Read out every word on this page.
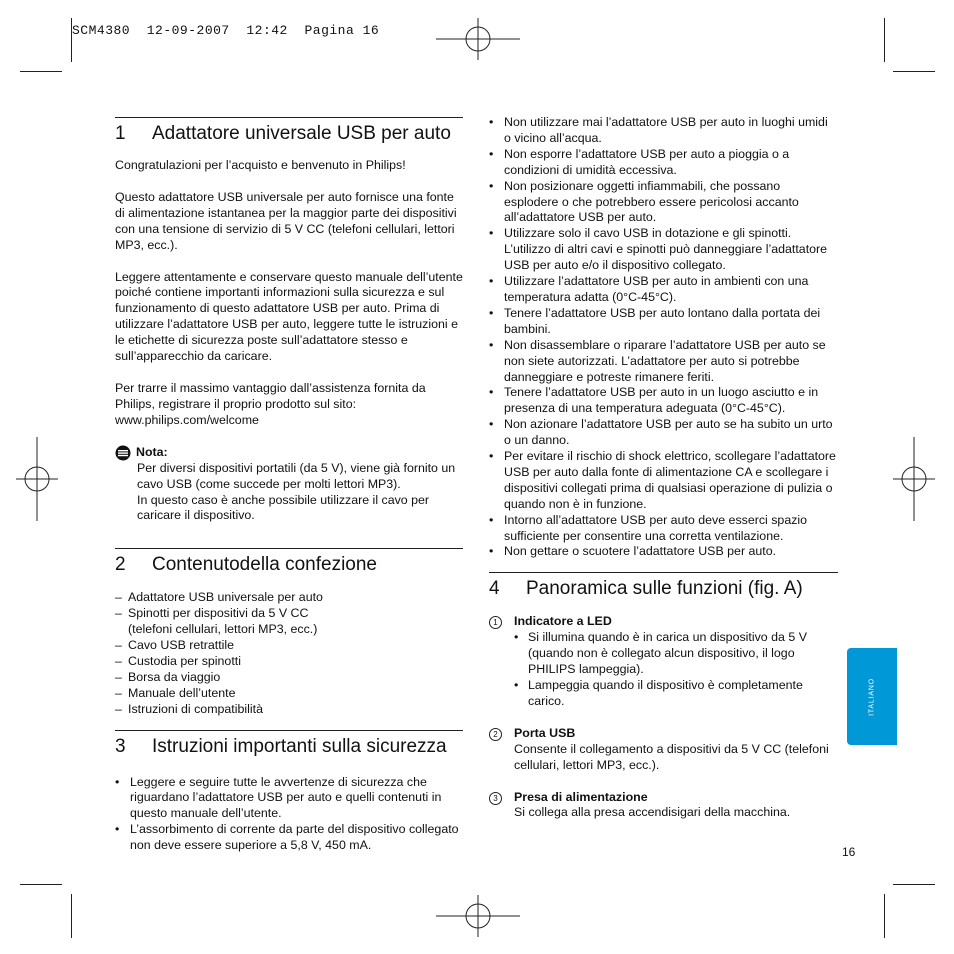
SCM4380 12-09-2007 12:42 Pagina 16
1	Adattatore universale USB per auto

Congratulazioni per l’acquisto e benvenuto in Philips!

Questo adattatore USB universale per auto fornisce una fonte di alimentazione istantanea per la maggior parte dei dispositivi con una tensione di servizio di 5 V CC (telefoni cellulari, lettori MP3, ecc.).

Leggere attentamente e conservare questo manuale dell’utente poiché contiene importanti informazioni sulla sicurezza e sul funzionamento di questo adattatore USB per auto. Prima di utilizzare l’adattatore USB per auto, leggere tutte le istruzioni e le etichette di sicurezza poste sull’adattatore stesso e sull’apparecchio da caricare.

Per trarre il massimo vantaggio dall’assistenza fornita da Philips, registrare il proprio prodotto sul sito: www.philips.com/welcome

Nota:

Per diversi dispositivi portatili (da 5 V), viene già fornito un cavo USB (come succede per molti lettori MP3).

In questo caso è anche possibile utilizzare il cavo per caricare il dispositivo.

2	Contenutodella confezione
– Adattatore USB universale per auto
– Spinotti per dispositivi da 5 V CC (telefoni cellulari, lettori MP3, ecc.)
– Cavo USB retrattile
– Custodia per spinotti
– Borsa da viaggio
– Manuale dell’utente
– Istruzioni di compatibilità
3	Istruzioni importanti sulla sicurezza
• Leggere e seguire tutte le avvertenze di sicurezza che riguardano l’adattatore USB per auto e quelli contenuti in questo manuale dell’utente.
• L’assorbimento di corrente da parte del dispositivo collegato non deve essere superiore a 5,8 V, 450 mA.
• Non utilizzare mai l’adattatore USB per auto in luoghi umidi o vicino all’acqua.
• Non esporre l’adattatore USB per auto a pioggia o a condizioni di umidità eccessiva.
• Non posizionare oggetti infiammabili, che possano esplodere o che potrebbero essere pericolosi accanto all’adattatore USB per auto.
• Utilizzare solo il cavo USB in dotazione e gli spinotti. L’utilizzo di altri cavi e spinotti può danneggiare l’adattatore USB per auto e/o il dispositivo collegato.
• Utilizzare l’adattatore USB per auto in ambienti con una temperatura adatta (0°C-45°C).
• Tenere l’adattatore USB per auto lontano dalla portata dei bambini.
• Non disassemblare o riparare l’adattatore USB per auto se non siete autorizzati. L’adattatore per auto si potrebbe danneggiare e potreste rimanere feriti.
• Tenere l’adattatore USB per auto in un luogo asciutto e in presenza di una temperatura adeguata (0°C-45°C).
• Non azionare l’adattatore USB per auto se ha subito un urto o un danno.
• Per evitare il rischio di shock elettrico, scollegare l’adattatore USB per auto dalla fonte di alimentazione CA e scollegare i dispositivi collegati prima di qualsiasi operazione di pulizia o quando non è in funzione.
• Intorno all’adattatore USB per auto deve esserci spazio sufficiente per consentire una corretta ventilazione.
• Non gettare o scuotere l’adattatore USB per auto.
4	Panoramica sulle funzioni (fig. A)
1	Indicatore a LED
• Si illumina quando è in carica un dispositivo da 5 V (quando non è collegato alcun dispositivo, il logo PHILIPS lampeggia).
• Lampeggia quando il dispositivo è completamente carico.
2	Porta USB
Consente il collegamento a dispositivi da 5 V CC (telefoni cellulari, lettori MP3, ecc.).
3	Presa di alimentazione
Si collega alla presa accendisigari della macchina.
ITALIANO
16
